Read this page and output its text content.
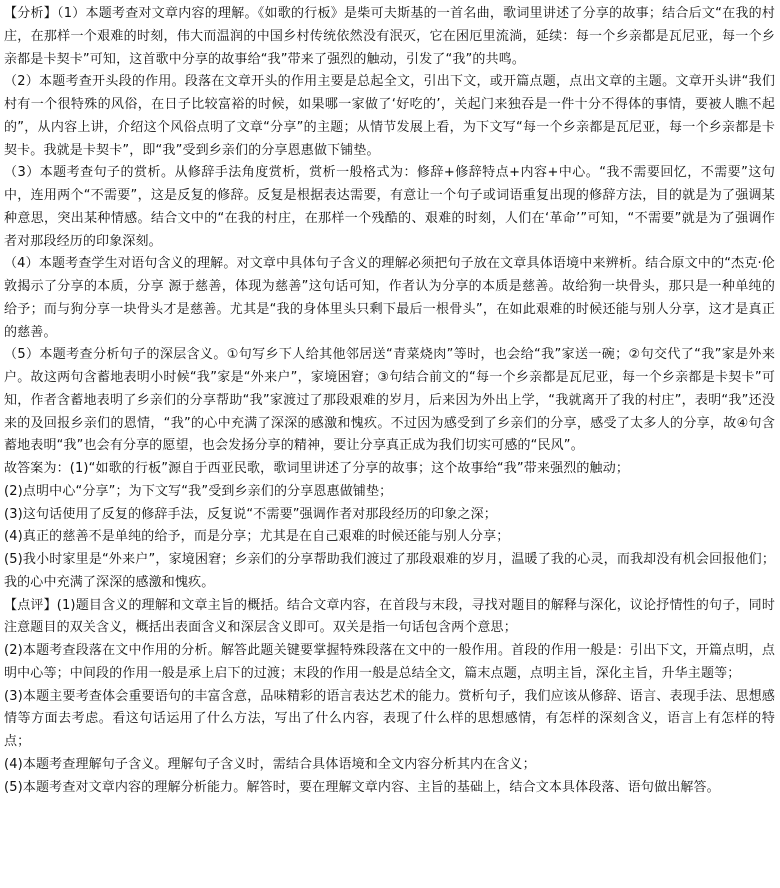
【分析】（1）本题考查对文章内容的理解。《如歌的行板》是柴可夫斯基的一首名曲，歌词里讲述了分享的故事；结合后文“在我的村庄，在那样一个艰难的时刻，伟大而温润的中国乡村传统依然没有泯灭，它在困厄里流淌，延续：每一个乡亲都是瓦尼亚，每一个乡亲都是卡契卡”可知，这首歌中分享的故事给“我”带来了强烈的触动，引发了“我”的共鸣。

（2）本题考查开头段的作用。段落在文章开头的作用主要是总起全文，引出下文，或开篇点题，点出文章的主题。文章开头讲“我们村有一个很特殊的风俗，在日子比较富裕的时候，如果哪一家做了‘好吃的’，关起门来独吞是一件十分不得体的事情，要被人瞧不起的”，从内容上讲，介绍这个风俗点明了文章“分享”的主题；从情节发展上看，为下文写“每一个乡亲都是瓦尼亚，每一个乡亲都是卡契卡。我就是卡契卡”，即“我”受到乡亲们的分享恩惠做下铺垫。

（3）本题考查句子的赏析。从修辞手法角度赏析，赏析一般格式为：修辞+修辞特点+内容+中心。“我不需要回忆，不需要”这句中，连用两个“不需要”，这是反复的修辞。反复是根据表达需要，有意让一个句子或词语重复出现的修辞方法，目的就是为了强调某种意思，突出某种情感。结合文中的“在我的村庄，在那样一个残酷的、艰难的时刻，人们在‘革命’”可知，“不需要”就是为了强调作者对那段经历的印象深刻。

（4）本题考查学生对语句含义的理解。对文章中具体句子含义的理解必须把句子放在文章具体语境中来辨析。结合原文中的“杰克·伦敦揭示了分享的本质，分享 源于慈善，体现为慈善”这句话可知，作者认为分享的本质是慈善。故给狗一块骨头，那只是一种单纯的给予；而与狗分享一块骨头才是慈善。尤其是“我的身体里头只剩下最后一根骨头”，在如此艰难的时候还能与别人分享，这才是真正的慈善。

（5）本题考查分析句子的深层含义。①句写乡下人给其他邻居送“青菜烧肉”等时，也会给“我”家送一碗；②句交代了“我”家是外来户。故这两句含蓄地表明小时候“我”家是“外来户”，家境困窘；③句结合前文的“每一个乡亲都是瓦尼亚，每一个乡亲都是卡契卡”可知，作者含蓄地表明了乡亲们的分享帮助“我”家渡过了那段艰难的岁月，后来因为外出上学，“我就离开了我的村庄”，表明“我”还没来的及回报乡亲们的恩情，“我”的心中充满了深深的感激和愧疚。不过因为感受到了乡亲们的分享，感受了太多人的分享，故④句含蓄地表明“我”也会有分享的愿望，也会发扬分享的精神，要让分享真正成为我们切实可感的“民风”。

故答案为：(1)“如歌的行板”源自于西亚民歌，歌词里讲述了分享的故事；这个故事给“我”带来强烈的触动；

(2)点明中心“分享”；为下文写“我”受到乡亲们的分享恩惠做铺垫；

(3)这句话使用了反复的修辞手法，反复说“不需要”强调作者对那段经历的印象之深；

(4)真正的慈善不是单纯的给予，而是分享；尤其是在自己艰难的时候还能与别人分享；

(5)我小时家里是“外来户”，家境困窘；乡亲们的分享帮助我们渡过了那段艰难的岁月，温暖了我的心灵，而我却没有机会回报他们；我的心中充满了深深的感激和愧疚。

【点评】(1)题目含义的理解和文章主旨的概括。结合文章内容，在首段与末段，寻找对题目的解释与深化，议论抒情性的句子，同时注意题目的双关含义，概括出表面含义和深层含义即可。双关是指一句话包含两个意思；

(2)本题考查段落在文中作用的分析。解答此题关键要掌握特殊段落在文中的一般作用。首段的作用一般是：引出下文，开篇点明，点明中心等；中间段的作用一般是承上启下的过渡；末段的作用一般是总结全文，篇末点题，点明主旨，深化主旨，升华主题等；

(3)本题主要考查体会重要语句的丰富含意，品味精彩的语言表达艺术的能力。赏析句子，我们应该从修辞、语言、表现手法、思想感情等方面去考虑。看这句话运用了什么方法，写出了什么内容，表现了什么样的思想感情，有怎样的深刻含义，语言上有怎样的特点；

(4)本题考查理解句子含义。理解句子含义时，需结合具体语境和全文内容分析其内在含义；

(5)本题考查对文章内容的理解分析能力。解答时，要在理解文章内容、主旨的基础上，结合文本具体段落、语句做出解答。
